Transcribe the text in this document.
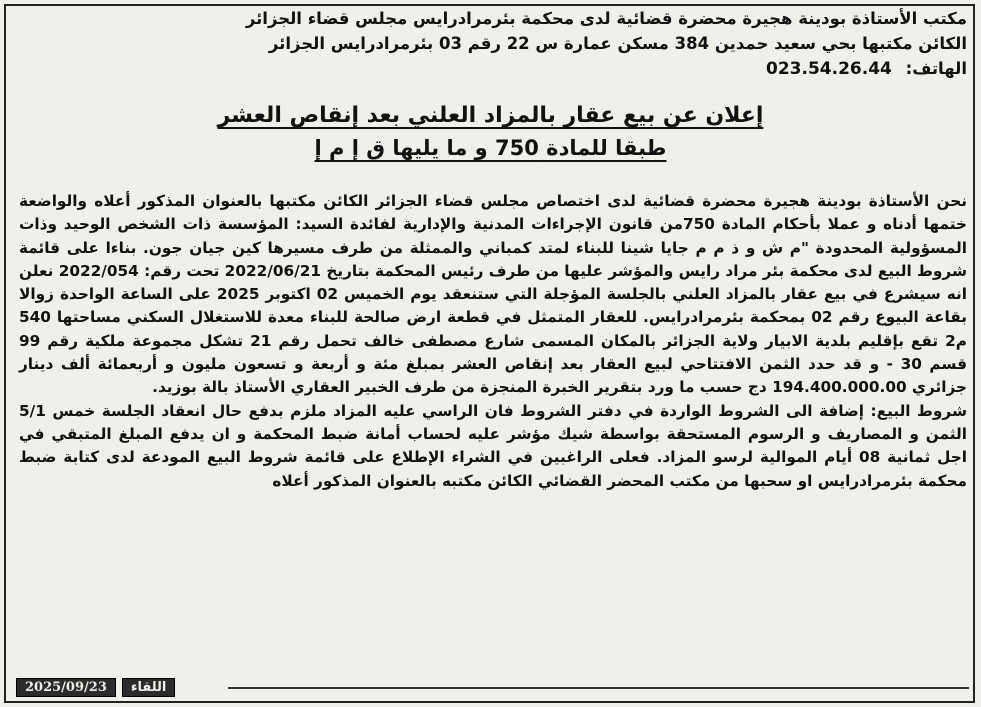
مكتب الأستاذة بودينة هجيرة محضرة قضائية لدى محكمة بئرمرادرايس مجلس قضاء الجزائر
الكائن مكتبها بحي سعيد حمدين 384 مسكن عمارة س 22 رقم 03 بئرمرادرايس الجزائر
الهاتف: 023.54.26.44
إعلان عن بيع عقار بالمزاد العلني بعد إنقاص العشر
طبقا للمادة 750 و ما يليها ق إ م إ

نحن الأستاذة بودينة هجيرة محضرة قضائية لدى اختصاص مجلس قضاء الجزائر الكائن مكتبها بالعنوان المذكور أعلاه والواضعة ختمها أدناه و عملا بأحكام المادة 750من قانون الإجراءات المدنية والإدارية لفائدة السيد: المؤسسة ذات الشخص الوحيد وذات المسؤولية المحدودة "م ش و ذ م م جايا شينا للبناء لمتد كمباني والممثلة من طرف مسيرها كين جيان جون. بناءا على قائمة شروط البيع لدى محكمة بئر مراد رايس والمؤشر عليها من طرف رئيس المحكمة بتاريخ 2022/06/21 تحت رقم: 2022/054 نعلن انه سيشرع في بيع عقار بالمزاد العلني بالجلسة المؤجلة التي ستنعقد يوم الخميس 02 اكتوبر 2025 على الساعة الواحدة زوالا بقاعة البيوع رقم 02 بمحكمة بئرمرادرايس. للعقار المتمثل في قطعة ارض صالحة للبناء معدة للاستغلال السكني مساحتها 540 م2 تقع بإقليم بلدية الابيار ولاية الجزائر بالمكان المسمى شارع مصطفى خالف تحمل رقم 21 تشكل مجموعة ملكية رقم 99 قسم 30 - و قد حدد الثمن الافتتاحي لبيع العقار بعد إنقاص العشر بمبلغ مئة و أربعة و تسعون مليون و أربعمائة ألف دينار جزائري 194.400.000.00 دج حسب ما ورد بتقرير الخبرة المنجزة من طرف الخبير العقاري الأستاذ بالة بوزيد.

شروط البيع: إضافة الى الشروط الواردة في دفتر الشروط فان الراسي عليه المزاد ملزم بدفع حال انعقاد الجلسة خمس 5/1 الثمن و المصاريف و الرسوم المستحقة بواسطة شيك مؤشر عليه لحساب أمانة ضبط المحكمة و ان يدفع المبلغ المتبقي في اجل ثمانية 08 أيام الموالية لرسو المزاد. فعلى الراغبين في الشراء الإطلاع على قائمة شروط البيع المودعة لدى كتابة ضبط محكمة بئرمرادرايس او سحبها من مكتب المحضر القضائي الكائن مكتبه بالعنوان المذكور أعلاه

2025/09/23	اللقاء
